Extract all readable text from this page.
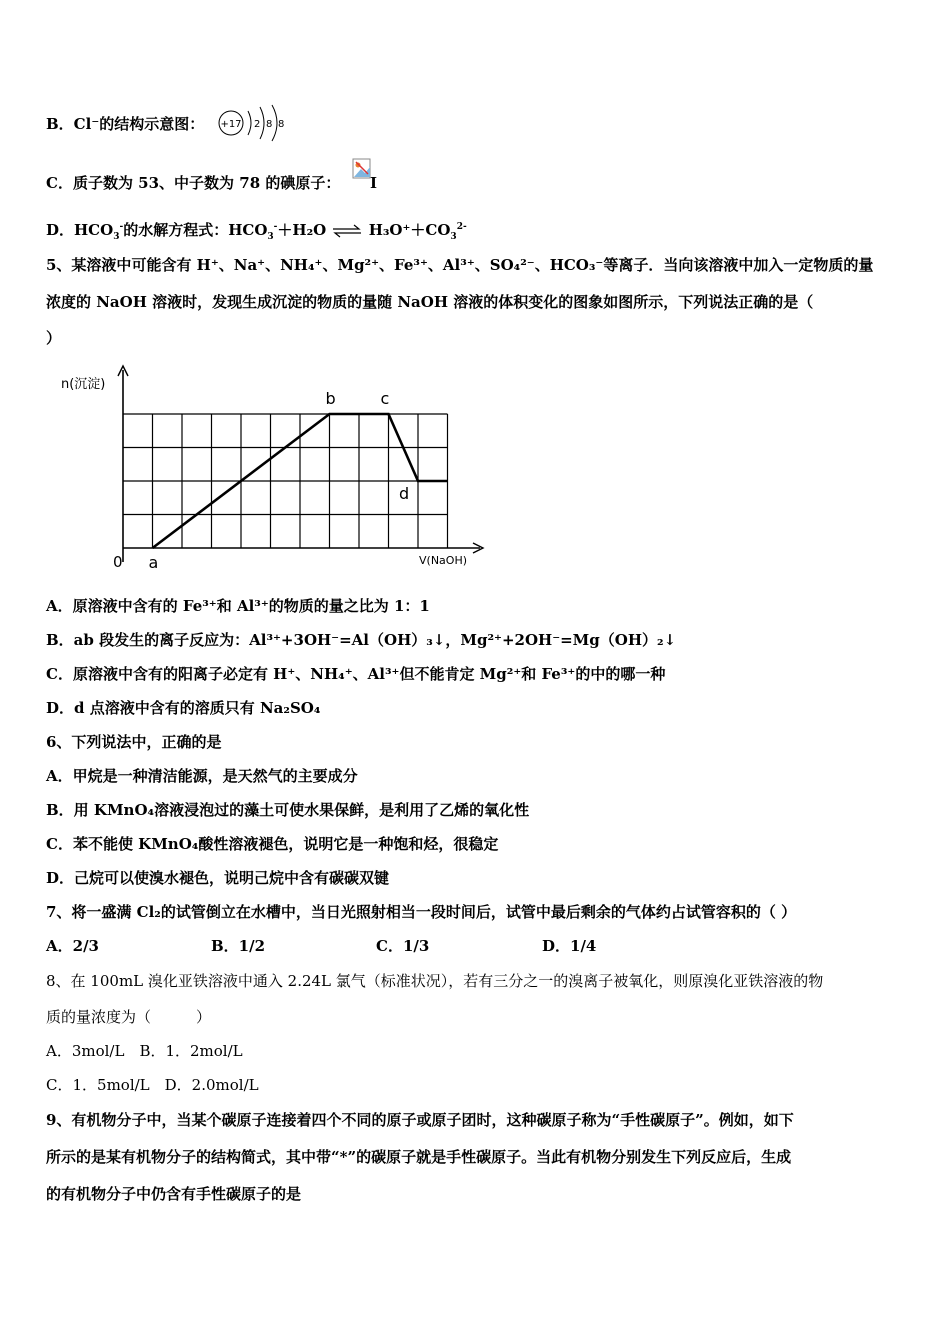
B．Cl⁻的结构示意图： +17 2 8 8
C．质子数为 53、中子数为 78 的碘原子： I
D．$HCO_3^-$的水解方程式：$HCO_3^-+H_2O$ ⇌ $H_3O^++CO_3^{2-}$
5、某溶液中可能含有 H⁺、Na⁺、NH₄⁺、Mg²⁺、Fe³⁺、Al³⁺、SO₄²⁻、HCO₃⁻等离子．当向该溶液中加入一定物质的量
浓度的 NaOH 溶液时，发现生成沉淀的物质的量随 NaOH 溶液的体积变化的图象如图所示，下列说法正确的是（
）
n(沉淀)
V(NaOH)
0 a
b	c
d
A．原溶液中含有的 Fe³⁺和 Al³⁺的物质的量之比为 1：1
B．ab 段发生的离子反应为：Al³⁺+3OH⁻=Al（OH）₃↓，Mg²⁺+2OH⁻=Mg（OH）₂↓
C．原溶液中含有的阳离子必定有 H⁺、NH₄⁺、Al³⁺但不能肯定 Mg²⁺和 Fe³⁺的中的哪一种
D．d 点溶液中含有的溶质只有 Na₂SO₄
6、下列说法中，正确的是
A．甲烷是一种清洁能源，是天然气的主要成分
B．用 KMnO₄溶液浸泡过的藻土可使水果保鲜，是利用了乙烯的氧化性
C．苯不能使 KMnO₄酸性溶液褪色，说明它是一种饱和烃，很稳定
D．己烷可以使溴水褪色，说明己烷中含有碳碳双键
7、将一盛满 Cl₂的试管倒立在水槽中，当日光照射相当一段时间后，试管中最后剩余的气体约占试管容积的（ ）
A．2/3	B．1/2	C．1/3	D．1/4
8、在 100mL 溴化亚铁溶液中通入 2.24L 氯气（标准状况），若有三分之一的溴离子被氧化，则原溴化亚铁溶液的物
质的量浓度为（　　　）
A．3mol/L　B．1．2mol/L
C．1．5mol/L　D．2.0mol/L
9、有机物分子中，当某个碳原子连接着四个不同的原子或原子团时，这种碳原子称为“手性碳原子”。例如，如下
所示的是某有机物分子的结构简式，其中带“*”的碳原子就是手性碳原子。当此有机物分别发生下列反应后，生成
的有机物分子中仍含有手性碳原子的是
